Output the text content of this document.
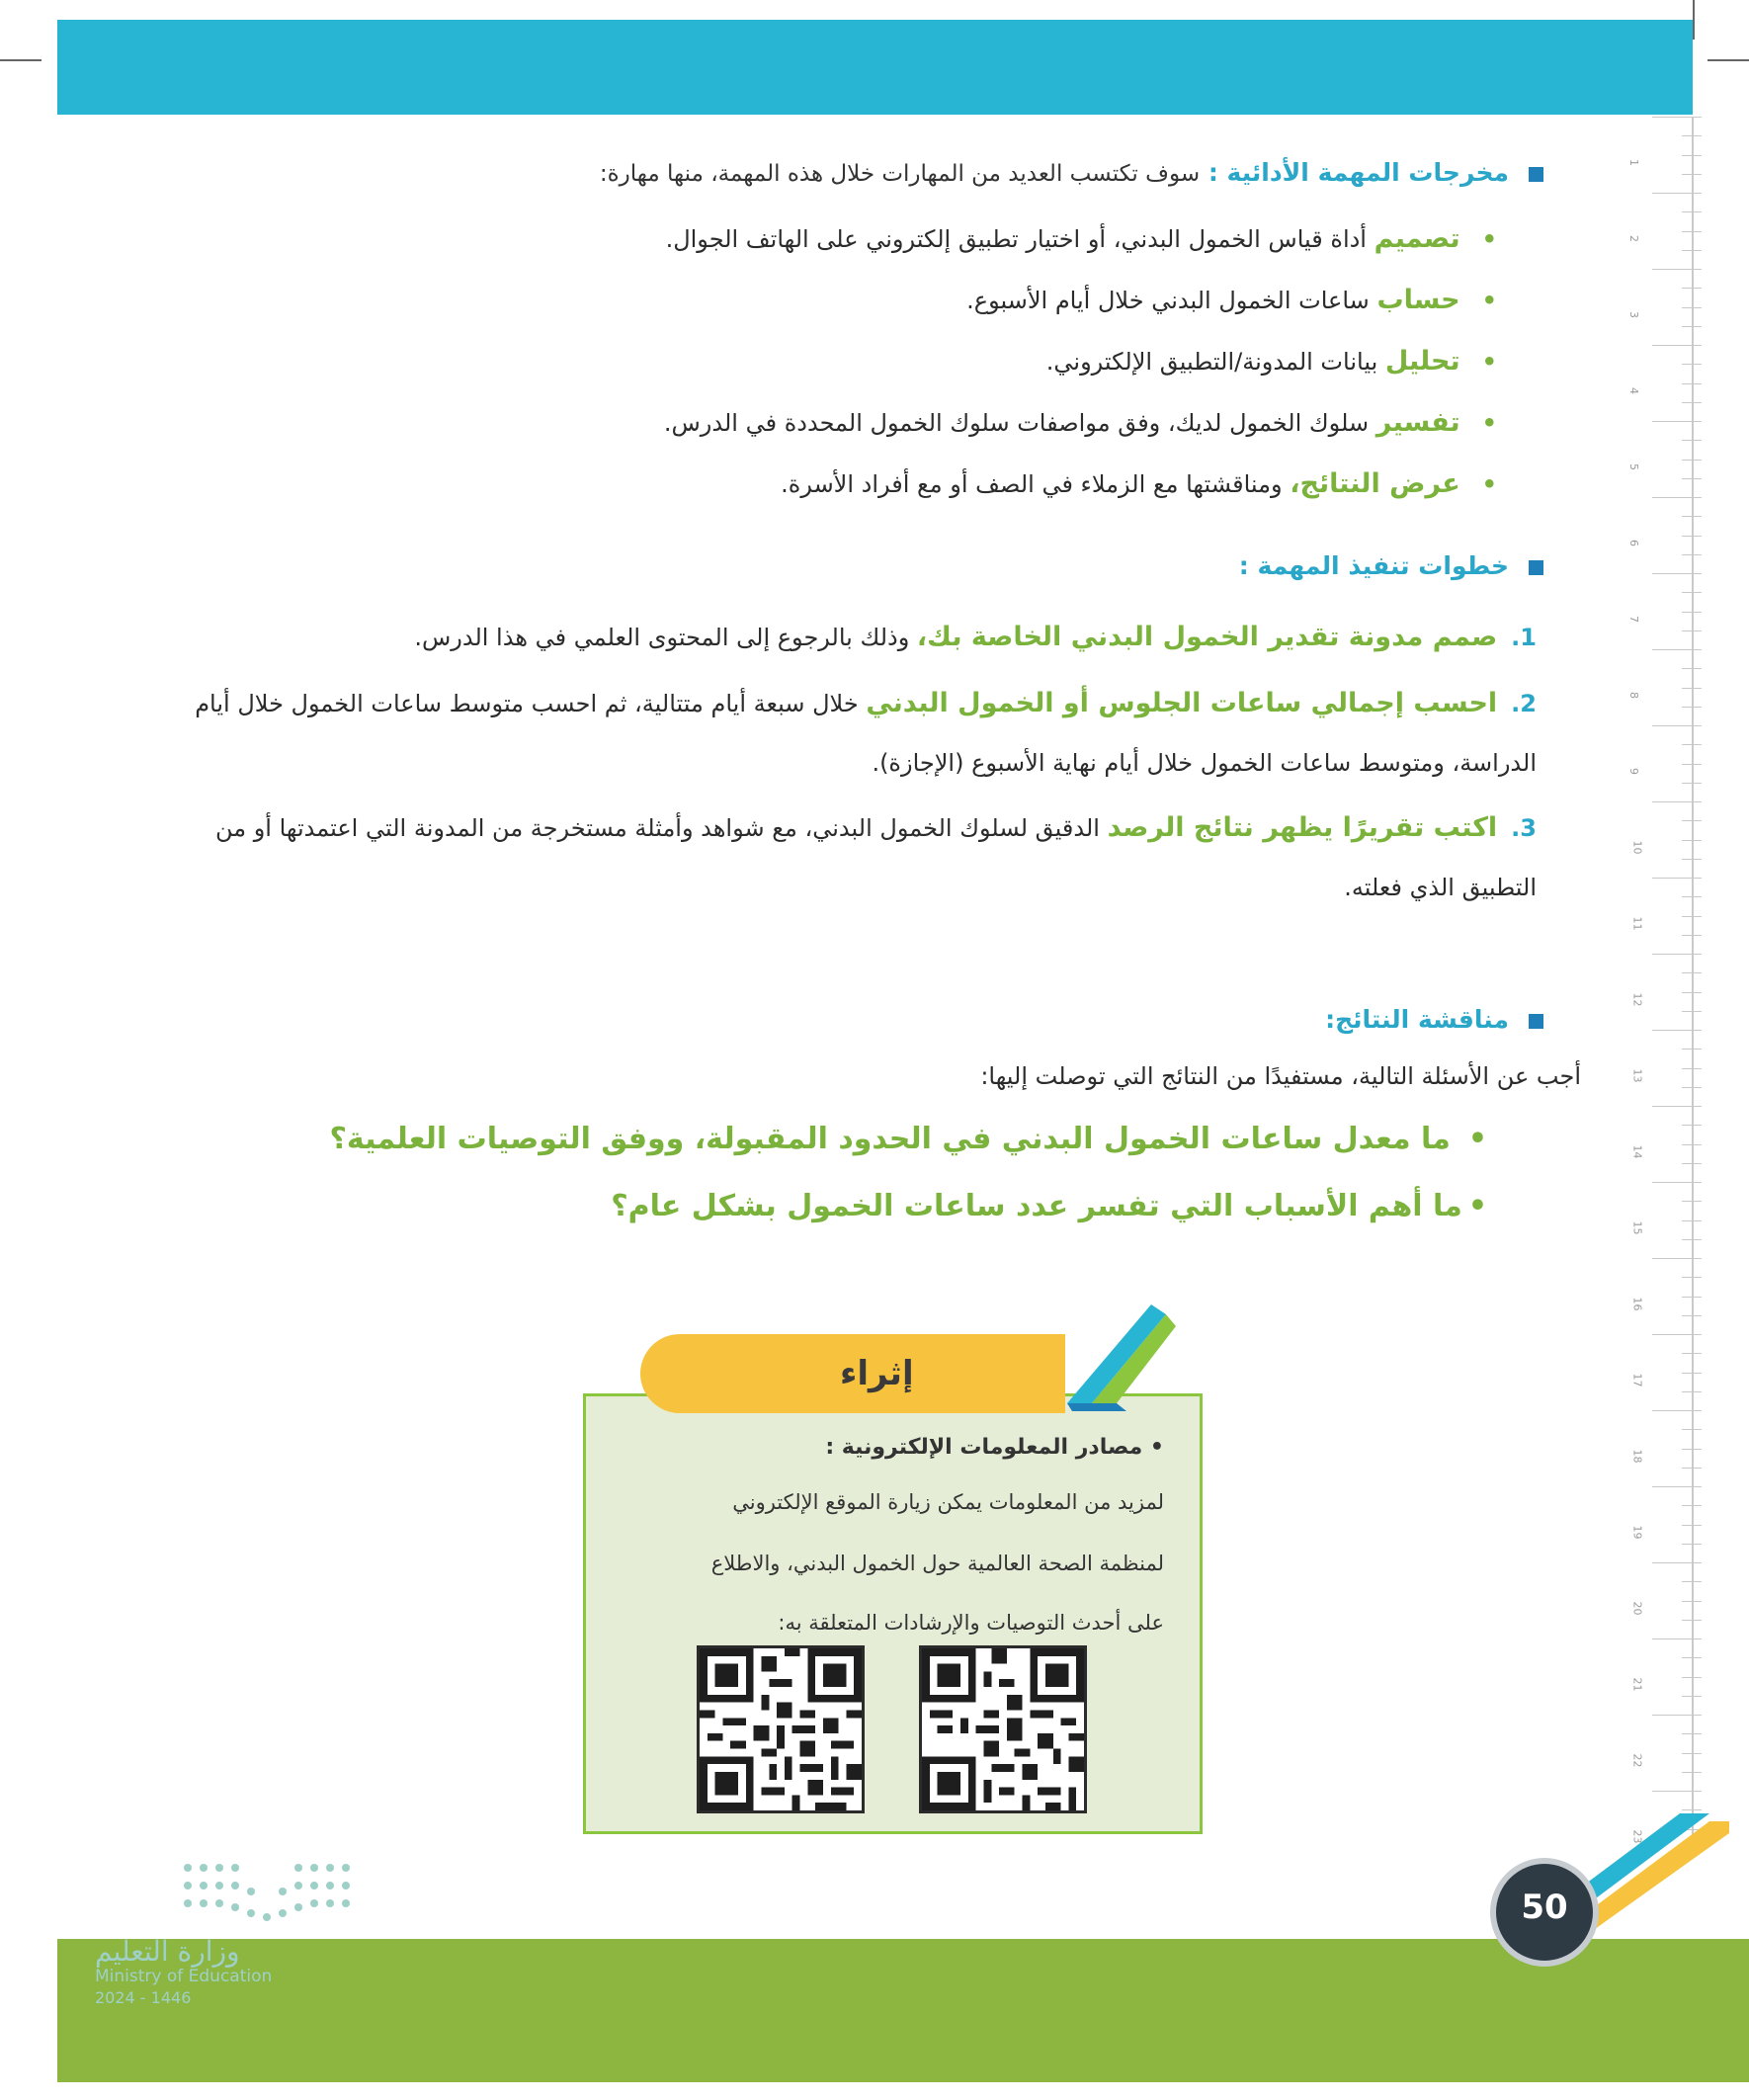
1
2
3
4
5
6
7
8
9
10
11
12
13
14
15
16
17
18
19
20
21
22
23
مخرجات المهمة الأدائية : سوف تكتسب العديد من المهارات خلال هذه المهمة، منها مهارة:
•تصميم أداة قياس الخمول البدني، أو اختيار تطبيق إلكتروني على الهاتف الجوال.
•حساب ساعات الخمول البدني خلال أيام الأسبوع.
•تحليل بيانات المدونة/التطبيق الإلكتروني.
•تفسير سلوك الخمول لديك، وفق مواصفات سلوك الخمول المحددة في الدرس.
•عرض النتائج، ومناقشتها مع الزملاء في الصف أو مع أفراد الأسرة.
خطوات تنفيذ المهمة :
1.صمم مدونة تقدير الخمول البدني الخاصة بك، وذلك بالرجوع إلى المحتوى العلمي في هذا الدرس.
2.احسب إجمالي ساعات الجلوس أو الخمول البدني خلال سبعة أيام متتالية، ثم احسب متوسط ساعات الخمول خلال أيام الدراسة، ومتوسط ساعات الخمول خلال أيام نهاية الأسبوع (الإجازة).
3.اكتب تقريرًا يظهر نتائج الرصد الدقيق لسلوك الخمول البدني، مع شواهد وأمثلة مستخرجة من المدونة التي اعتمدتها أو من التطبيق الذي فعلته.
مناقشة النتائج:
أجب عن الأسئلة التالية، مستفيدًا من النتائج التي توصلت إليها:
•ما معدل ساعات الخمول البدني في الحدود المقبولة، ووفق التوصيات العلمية؟
•ما أهم الأسباب التي تفسر عدد ساعات الخمول بشكل عام؟
إثراء
• مصادر المعلومات الإلكترونية :
لمزيد من المعلومات يمكن زيارة الموقع الإلكتروني
لمنظمة الصحة العالمية حول الخمول البدني، والاطلاع
على أحدث التوصيات والإرشادات المتعلقة به:
50
وزارة التعليم
Ministry of Education
2024 - 1446
